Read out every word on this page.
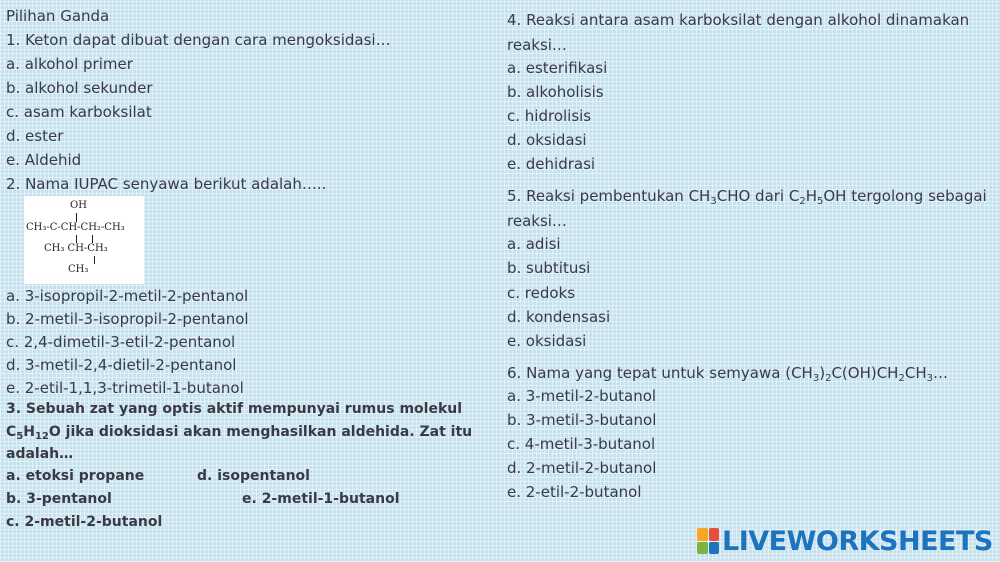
Pilihan Ganda
1. Keton dapat dibuat dengan cara mengoksidasi…
a. alkohol primer
b. alkohol sekunder
c. asam karboksilat
d. ester
e. Aldehid
2. Nama IUPAC senyawa berikut adalah…..
a. 3-isopropil-2-metil-2-pentanol
b. 2-metil-3-isopropil-2-pentanol
c. 2,4-dimetil-3-etil-2-pentanol
d. 3-metil-2,4-dietil-2-pentanol
e. 2-etil-1,1,3-trimetil-1-butanol
3. Sebuah zat yang optis aktif mempunyai rumus molekul
$C_5H_{12}O$ jika dioksidasi akan menghasilkan aldehida. Zat itu
adalah…
a. etoksi propane	d. isopentanol
b. 3-pentanol	e. 2-metil-1-butanol
c. 2-metil-2-butanol
OH
CH₃-C-CH-CH₂-CH₃
CH₃ CH-CH₃
CH₃
4. Reaksi antara asam karboksilat dengan alkohol dinamakan
reaksi…
a. esterifikasi
b. alkoholisis
c. hidrolisis
d. oksidasi
e. dehidrasi
5. Reaksi pembentukan $CH_3CHO$ dari $C_2H_5OH$ tergolong sebagai
reaksi…
a. adisi
b. subtitusi
c. redoks
d. kondensasi
e. oksidasi
6. Nama yang tepat untuk semyawa $(CH_3)_2C(OH)CH_2CH_3\dots$
a. 3-metil-2-butanol
b. 3-metil-3-butanol
c. 4-metil-3-butanol
d. 2-metil-2-butanol
e. 2-etil-2-butanol
LIVEWORKSHEETS
